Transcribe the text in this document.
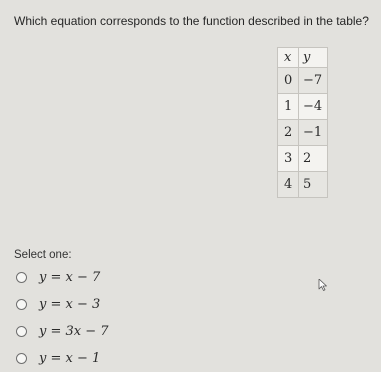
Which equation corresponds to the function described in the table?
x	y
0	−7
1	−4
2	−1
3	2
4	5
Select one:
y = x − 7
y = x − 3
y = 3x − 7
y = x − 1
